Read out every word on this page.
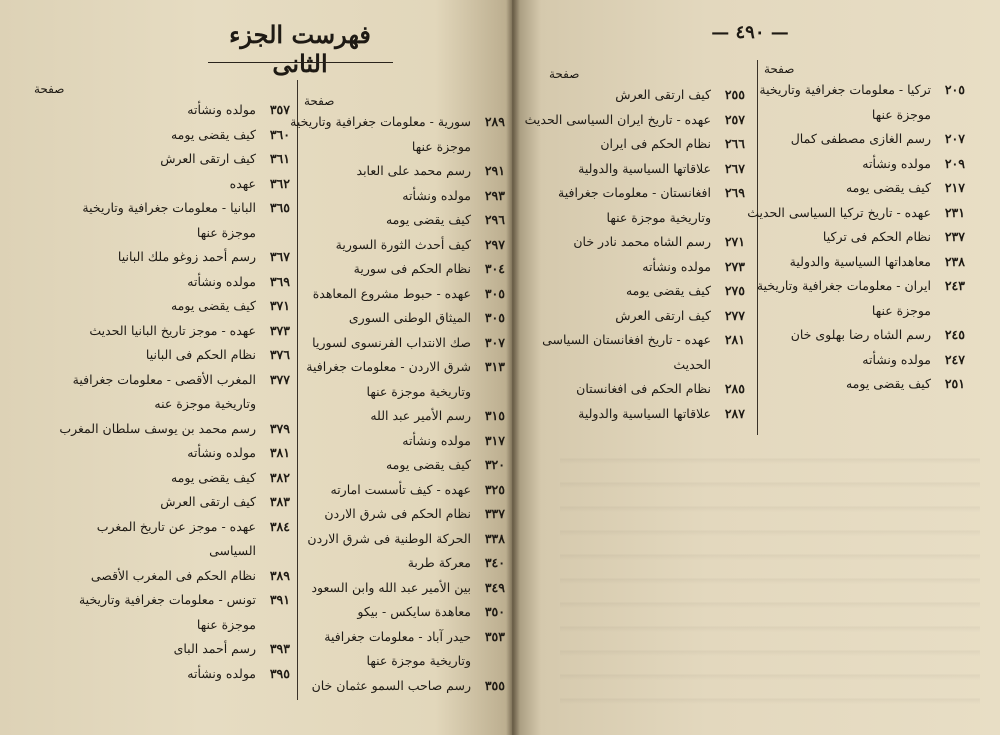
فهرست الجزء الثانى
— ٤٩٠ —
صفحة
٢٠٥
تركيا - معلومات جغرافية وتاريخية
موجزة عنها
٢٠٧
رسم الغازى مصطفى كمال
٢٠٩
مولده ونشأته
٢١٧
كيف يقضى يومه
٢٣١
عهده - تاريخ تركيا السياسى الحديث
٢٣٧
نظام الحكم فى تركيا
٢٣٨
معاهداتها السياسية والدولية
٢٤٣
ايران - معلومات جغرافية وتاريخية
موجزة عنها
٢٤٥
رسم الشاه رضا بهلوى خان
٢٤٧
مولده ونشأته
٢٥١
كيف يقضى يومه
صفحة
٢٥٥
كيف ارتقى العرش
٢٥٧
عهده - تاريخ ايران السياسى الحديث
٢٦٦
نظام الحكم فى ايران
٢٦٧
علاقاتها السياسية والدولية
٢٦٩
افغانستان - معلومات جغرافية
وتاريخية موجزة عنها
٢٧١
رسم الشاه محمد نادر خان
٢٧٣
مولده ونشأته
٢٧٥
كيف يقضى يومه
٢٧٧
كيف ارتقى العرش
٢٨١
عهده - تاريخ افغانستان السياسى
الحديث
٢٨٥
نظام الحكم فى افغانستان
٢٨٧
علاقاتها السياسية والدولية
صفحة
٢٨٩
سورية - معلومات جغرافية وتاريخية
موجزة عنها
٢٩١
رسم محمد على العابد
٢٩٣
مولده ونشأته
٢٩٦
كيف يقضى يومه
٢٩٧
كيف أحدث الثورة السورية
٣٠٤
نظام الحكم فى سورية
٣٠٥
عهده - حبوط مشروع المعاهدة
٣٠٥
الميثاق الوطنى السورى
٣٠٧
صك الانتداب الفرنسوى لسوريا
٣١٣
شرق الاردن - معلومات جغرافية
وتاريخية موجزة عنها
٣١٥
رسم الأمير عبد الله
٣١٧
مولده ونشأته
٣٢٠
كيف يقضى يومه
٣٢٥
عهده - كيف تأسست امارته
٣٣٧
نظام الحكم فى شرق الاردن
٣٣٨
الحركة الوطنية فى شرق الاردن
٣٤٠
معركة طربة
٣٤٩
بين الأمير عبد الله وابن السعود
٣٥٠
معاهدة سايكس - بيكو
٣٥٣
حيدر آباد - معلومات جغرافية
وتاريخية موجزة عنها
٣٥٥
رسم صاحب السمو عثمان خان
صفحة
٣٥٧
مولده ونشأته
٣٦٠
كيف يقضى يومه
٣٦١
كيف ارتقى العرش
٣٦٢
عهده
٣٦٥
البانيا - معلومات جغرافية وتاريخية
موجزة عنها
٣٦٧
رسم أحمد زوغو ملك البانيا
٣٦٩
مولده ونشأته
٣٧١
كيف يقضى يومه
٣٧٣
عهده - موجز تاريخ البانيا الحديث
٣٧٦
نظام الحكم فى البانيا
٣٧٧
المغرب الأقصى - معلومات جغرافية
وتاريخية موجزة عنه
٣٧٩
رسم محمد بن يوسف سلطان المغرب
٣٨١
مولده ونشأته
٣٨٢
كيف يقضى يومه
٣٨٣
كيف ارتقى العرش
٣٨٤
عهده - موجز عن تاريخ المغرب
السياسى
٣٨٩
نظام الحكم فى المغرب الأقصى
٣٩١
تونس - معلومات جغرافية وتاريخية
موجزة عنها
٣٩٣
رسم أحمد الباى
٣٩٥
مولده ونشأته
